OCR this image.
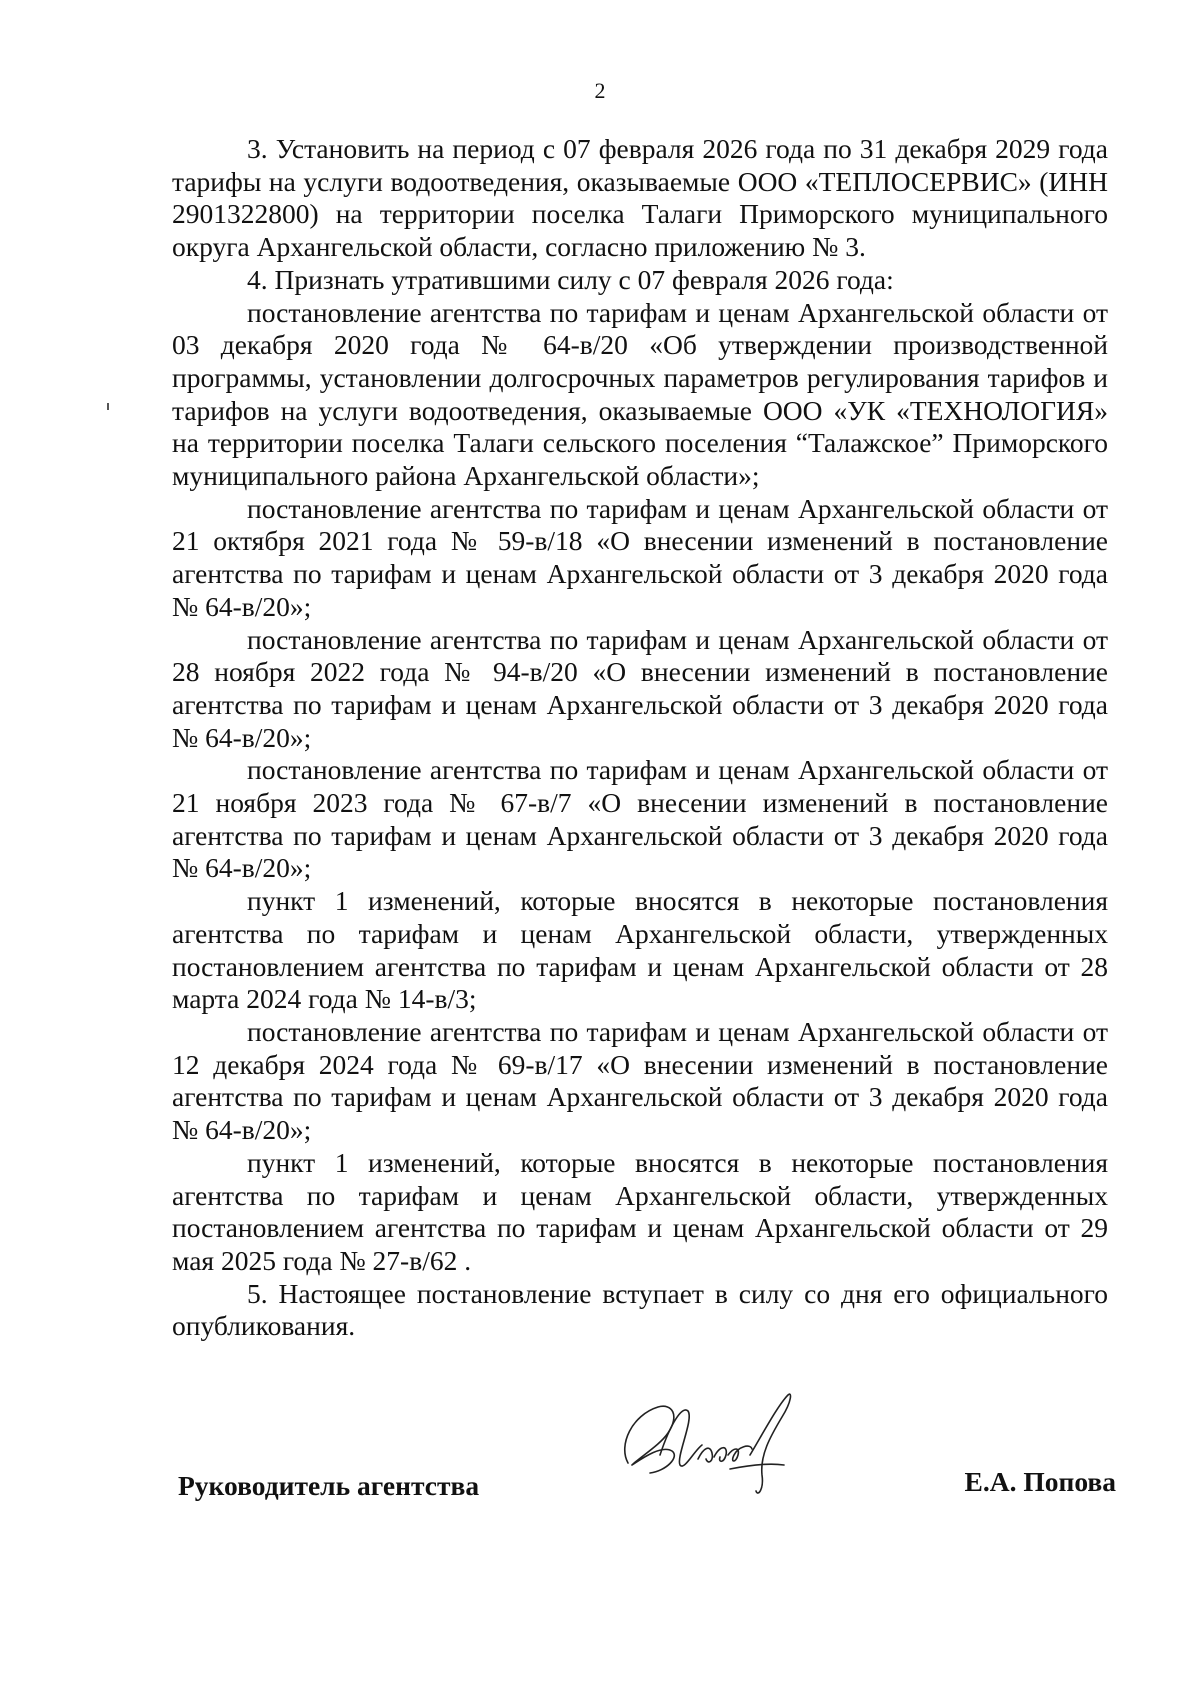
2

3. Установить на период с 07 февраля 2026 года по 31 декабря 2029 года тарифы на услуги водоотведения, оказываемые ООО «ТЕПЛОСЕРВИС» (ИНН 2901322800) на территории поселка Талаги Приморского муниципального округа Архангельской области, согласно приложению № 3.

4. Признать утратившими силу с 07 февраля 2026 года:

постановление агентства по тарифам и ценам Архангельской области от 03 декабря 2020 года № 64-в/20 «Об утверждении производственной программы, установлении долгосрочных параметров регулирования тарифов и тарифов на услуги водоотведения, оказываемые ООО «УК «ТЕХНОЛОГИЯ» на территории поселка Талаги сельского поселения “Талажское” Приморского муниципального района Архангельской области»;

постановление агентства по тарифам и ценам Архангельской области от 21 октября 2021 года № 59-в/18 «О внесении изменений в постановление агентства по тарифам и ценам Архангельской области от 3 декабря 2020 года № 64-в/20»;

постановление агентства по тарифам и ценам Архангельской области от 28 ноября 2022 года № 94-в/20 «О внесении изменений в постановление агентства по тарифам и ценам Архангельской области от 3 декабря 2020 года № 64-в/20»;

постановление агентства по тарифам и ценам Архангельской области от 21 ноября 2023 года № 67-в/7 «О внесении изменений в постановление агентства по тарифам и ценам Архангельской области от 3 декабря 2020 года № 64-в/20»;

пункт 1 изменений, которые вносятся в некоторые постановления агентства по тарифам и ценам Архангельской области, утвержденных постановлением агентства по тарифам и ценам Архангельской области от 28 марта 2024 года № 14-в/3;

постановление агентства по тарифам и ценам Архангельской области от 12 декабря 2024 года № 69-в/17 «О внесении изменений в постановление агентства по тарифам и ценам Архангельской области от 3 декабря 2020 года № 64-в/20»;

пункт 1 изменений, которые вносятся в некоторые постановления агентства по тарифам и ценам Архангельской области, утвержденных постановлением агентства по тарифам и ценам Архангельской области от 29 мая 2025 года № 27-в/62 .

5. Настоящее постановление вступает в силу со дня его официального опубликования.

Руководитель агентства	Е.А. Попова
